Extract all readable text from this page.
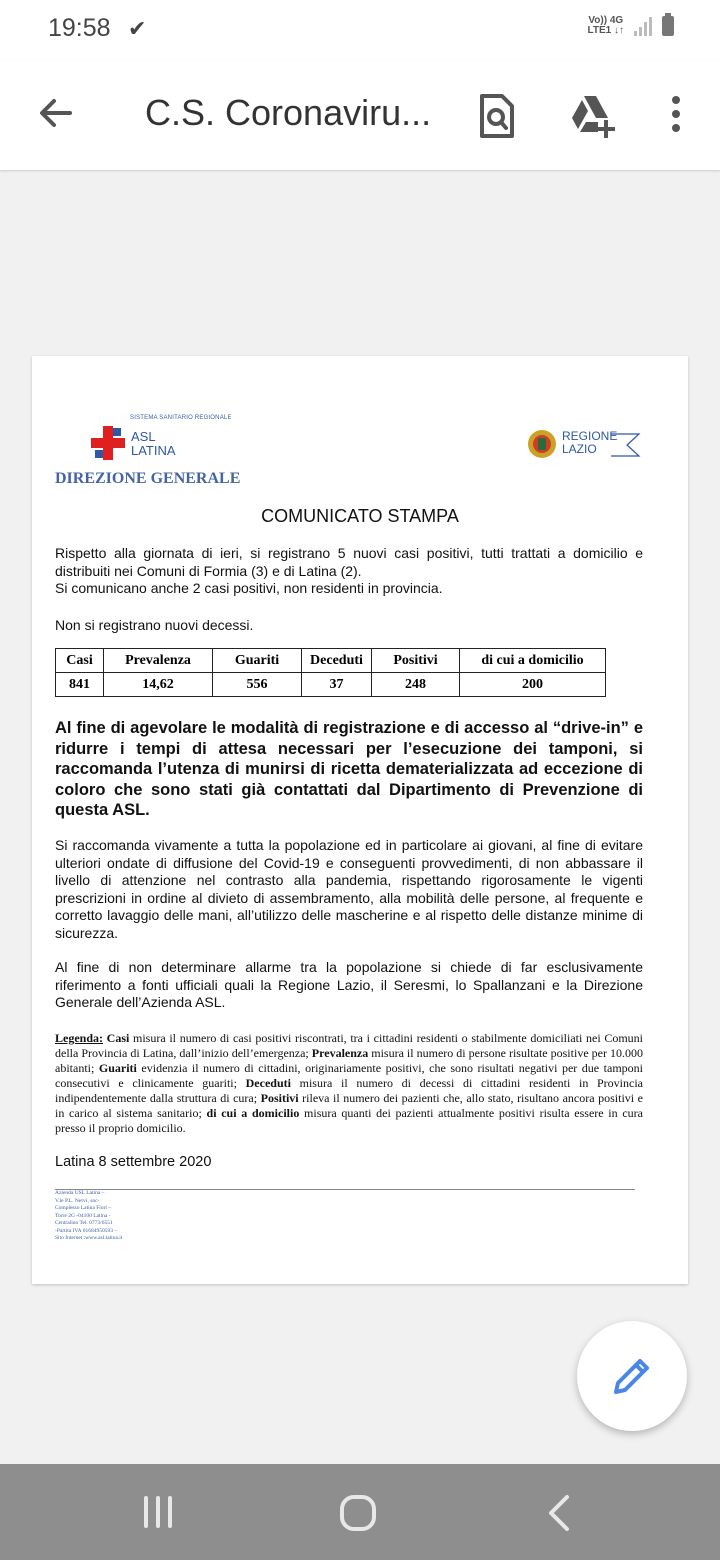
19:58 ✔	Vo)) 4G
LTE1 ↓↑
C.S. Coronaviru...
SISTEMA SANITARIO REGIONALE
ASL
LATINA
REGIONE
LAZIO
DIREZIONE GENERALE
COMUNICATO STAMPA
Rispetto alla giornata di ieri, si registrano 5 nuovi casi positivi, tutti trattati a domicilio e distribuiti nei Comuni di Formia (3) e di Latina (2).
Si comunicano anche 2 casi positivi, non residenti in provincia.
Non si registrano nuovi decessi.
Casi	Prevalenza	Guariti	Deceduti	Positivi	di cui a domicilio
841	14,62	556	37	248	200
Al fine di agevolare le modalità di registrazione e di accesso al “drive-in” e ridurre i tempi di attesa necessari per l’esecuzione dei tamponi, si raccomanda l’utenza di munirsi di ricetta dematerializzata ad eccezione di coloro che sono stati già contattati dal Dipartimento di Prevenzione di questa ASL.
Si raccomanda vivamente a tutta la popolazione ed in particolare ai giovani, al fine di evitare ulteriori ondate di diffusione del Covid-19 e conseguenti provvedimenti, di non abbassare il livello di attenzione nel contrasto alla pandemia, rispettando rigorosamente le vigenti prescrizioni in ordine al divieto di assembramento, alla mobilità delle persone, al frequente e corretto lavaggio delle mani, all’utilizzo delle mascherine e al rispetto delle distanze minime di sicurezza.
Al fine di non determinare allarme tra la popolazione si chiede di far esclusivamente riferimento a fonti ufficiali quali la Regione Lazio, il Seresmi, lo Spallanzani e la Direzione Generale dell’Azienda ASL.
Legenda: Casi misura il numero di casi positivi riscontrati, tra i cittadini residenti o stabilmente domiciliati nei Comuni della Provincia di Latina, dall’inizio dell’emergenza; Prevalenza misura il numero di persone risultate positive per 10.000 abitanti; Guariti evidenzia il numero di cittadini, originariamente positivi, che sono risultati negativi per due tamponi consecutivi e clinicamente guariti; Deceduti misura il numero di decessi di cittadini residenti in Provincia indipendentemente dalla struttura di cura; Positivi rileva il numero dei pazienti che, allo stato, risultano ancora positivi e in carico al sistema sanitario; di cui a domicilio misura quanti dei pazienti attualmente positivi risulta essere in cura presso il proprio domicilio.
Latina 8 settembre 2020
Azienda USL Latina –
V.le P.L. Nervi, snc-
Complesso Latina Fiori –
Torre 2G -04100 Latina -
Centralino Tel. 0773/6551
-Partita IVA 01684950593 –
Sito Internet :www.asl.latina.it
